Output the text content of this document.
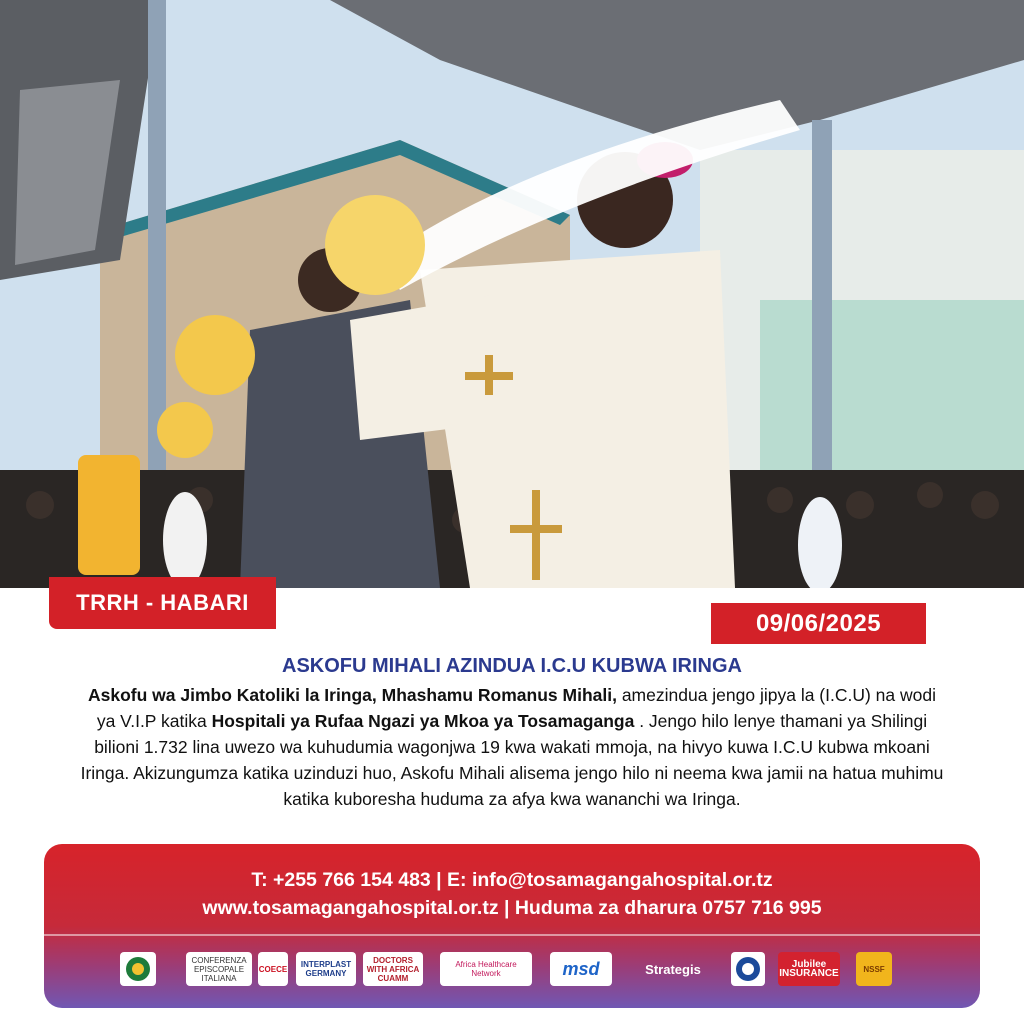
TRRH - HABARI
09/06/2025
ASKOFU MIHALI AZINDUA I.C.U KUBWA IRINGA
Askofu wa Jimbo Katoliki la Iringa, Mhashamu Romanus Mihali, amezindua jengo jipya la (I.C.U) na wodi ya V.I.P katika Hospitali ya Rufaa Ngazi ya Mkoa ya Tosamaganga . Jengo hilo lenye thamani ya Shilingi bilioni 1.732 lina uwezo wa kuhudumia wagonjwa 19 kwa wakati mmoja, na hivyo kuwa I.C.U kubwa mkoani Iringa. Akizungumza katika uzinduzi huo, Askofu Mihali alisema jengo hilo ni neema kwa jamii na hatua muhimu katika kuboresha huduma za afya kwa wananchi wa Iringa.
T: +255 766 154 483 | E: info@tosamagangahospital.or.tz
www.tosamagangahospital.or.tz | Huduma za dharura 0757 716 995
CONFERENZA EPISCOPALE ITALIANA
COECE	INTERPLAST GERMANY
DOCTORS WITH AFRICA CUAMM
Africa Healthcare Network	msd	Strategis	Jubilee INSURANCE	NSSF
